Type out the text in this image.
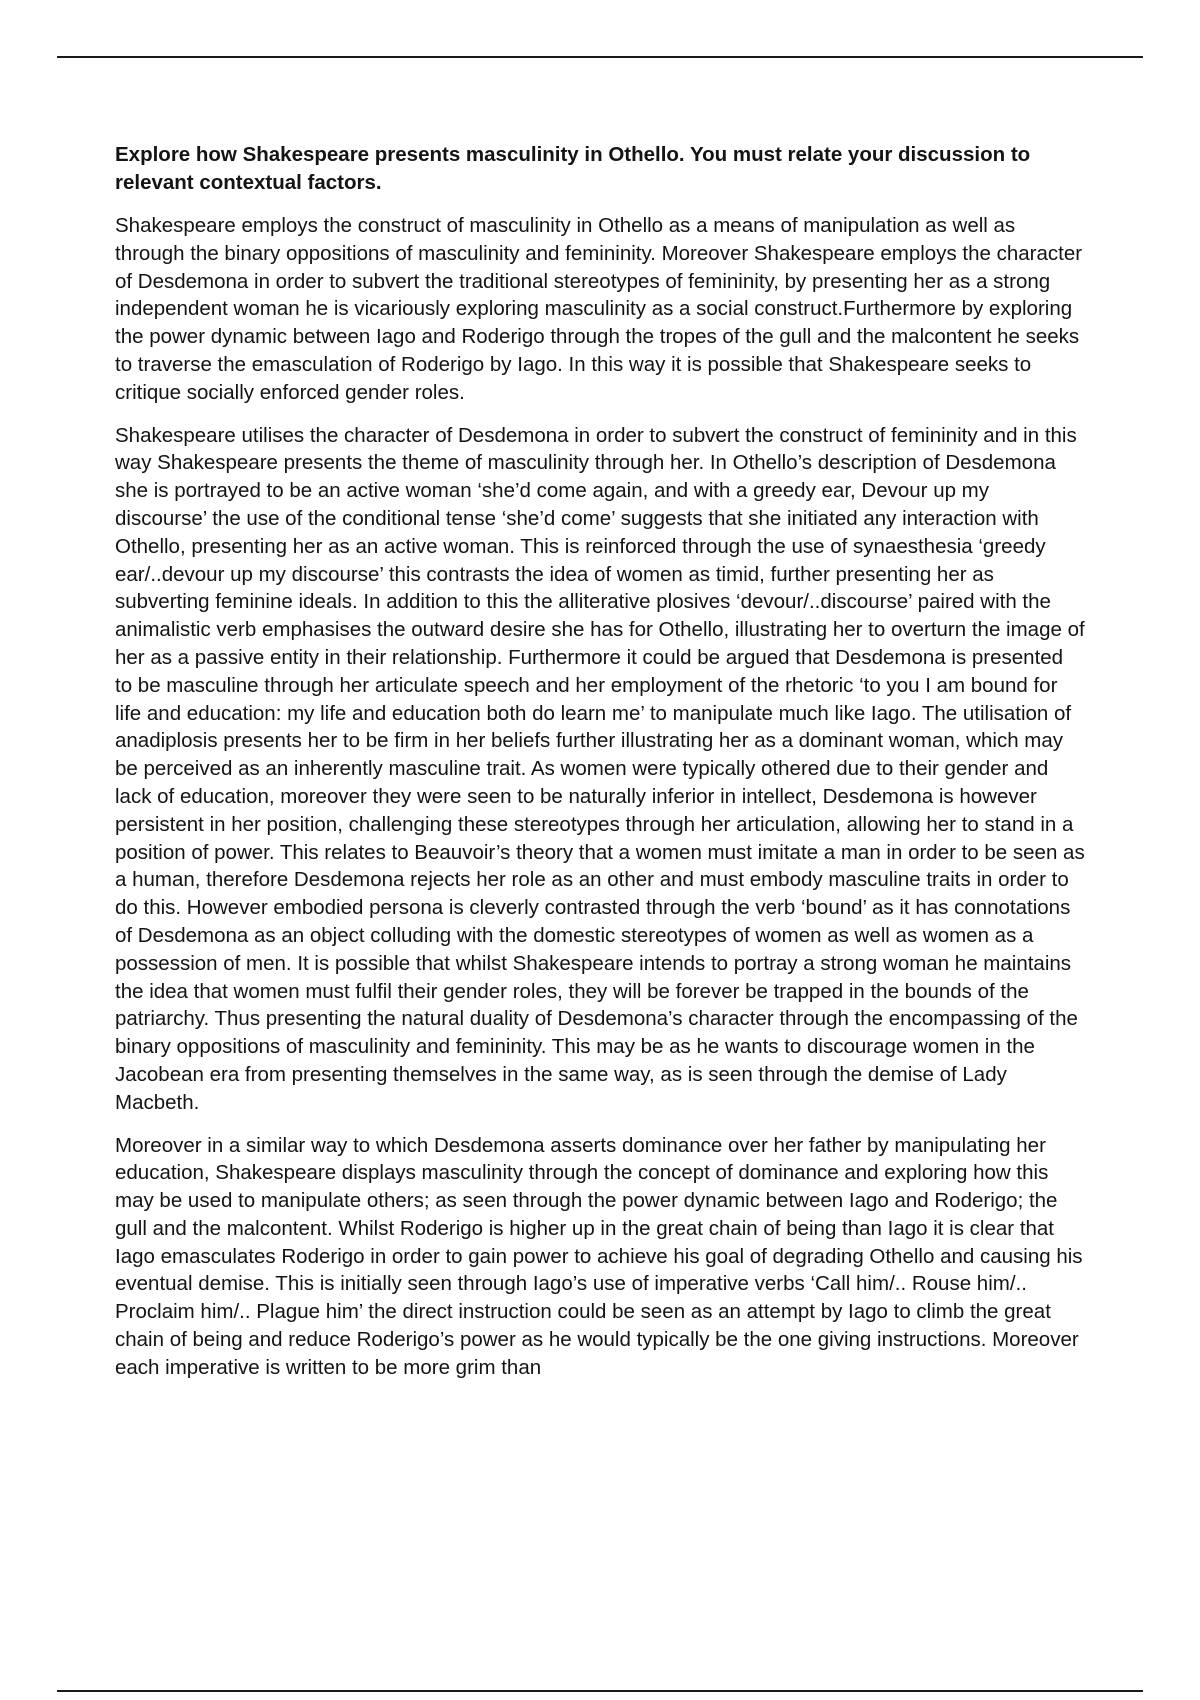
Explore how Shakespeare presents masculinity in Othello. You must relate your discussion to relevant contextual factors.

Shakespeare employs the construct of masculinity in Othello as a means of manipulation as well as through the binary oppositions of masculinity and femininity. Moreover Shakespeare employs the character of Desdemona in order to subvert the traditional stereotypes of femininity, by presenting her as a strong independent woman he is vicariously exploring masculinity as a social construct.Furthermore by exploring the power dynamic between Iago and Roderigo through the tropes of the gull and the malcontent he seeks to traverse the emasculation of Roderigo by Iago. In this way it is possible that Shakespeare seeks to critique socially enforced gender roles.

Shakespeare utilises the character of Desdemona in order to subvert the construct of femininity and in this way Shakespeare presents the theme of masculinity through her. In Othello’s description of Desdemona she is portrayed to be an active woman ‘she’d come again, and with a greedy ear, Devour up my discourse’ the use of the conditional tense ‘she’d come’ suggests that she initiated any interaction with Othello, presenting her as an active woman. This is reinforced through the use of synaesthesia ‘greedy ear/..devour up my discourse’ this contrasts the idea of women as timid, further presenting her as subverting feminine ideals. In addition to this the alliterative plosives ‘devour/..discourse’ paired with the animalistic verb emphasises the outward desire she has for Othello, illustrating her to overturn the image of her as a passive entity in their relationship. Furthermore it could be argued that Desdemona is presented to be masculine through her articulate speech and her employment of the rhetoric ‘to you I am bound for life and education: my life and education both do learn me’ to manipulate much like Iago. The utilisation of anadiplosis presents her to be firm in her beliefs further illustrating her as a dominant woman, which may be perceived as an inherently masculine trait. As women were typically othered due to their gender and lack of education, moreover they were seen to be naturally inferior in intellect, Desdemona is however persistent in her position, challenging these stereotypes through her articulation, allowing her to stand in a position of power. This relates to Beauvoir’s theory that a women must imitate a man in order to be seen as a human, therefore Desdemona rejects her role as an other and must embody masculine traits in order to do this. However embodied persona is cleverly contrasted through the verb ‘bound’ as it has connotations of Desdemona as an object colluding with the domestic stereotypes of women as well as women as a possession of men. It is possible that whilst Shakespeare intends to portray a strong woman he maintains the idea that women must fulfil their gender roles, they will be forever be trapped in the bounds of the patriarchy. Thus presenting the natural duality of Desdemona’s character through the encompassing of the binary oppositions of masculinity and femininity. This may be as he wants to discourage women in the Jacobean era from presenting themselves in the same way, as is seen through the demise of Lady Macbeth.

Moreover in a similar way to which Desdemona asserts dominance over her father by manipulating her education, Shakespeare displays masculinity through the concept of dominance and exploring how this may be used to manipulate others; as seen through the power dynamic between Iago and Roderigo; the gull and the malcontent. Whilst Roderigo is higher up in the great chain of being than Iago it is clear that Iago emasculates Roderigo in order to gain power to achieve his goal of degrading Othello and causing his eventual demise. This is initially seen through Iago’s use of imperative verbs ‘Call him/.. Rouse him/.. Proclaim him/.. Plague him’ the direct instruction could be seen as an attempt by Iago to climb the great chain of being and reduce Roderigo’s power as he would typically be the one giving instructions. Moreover each imperative is written to be more grim than
